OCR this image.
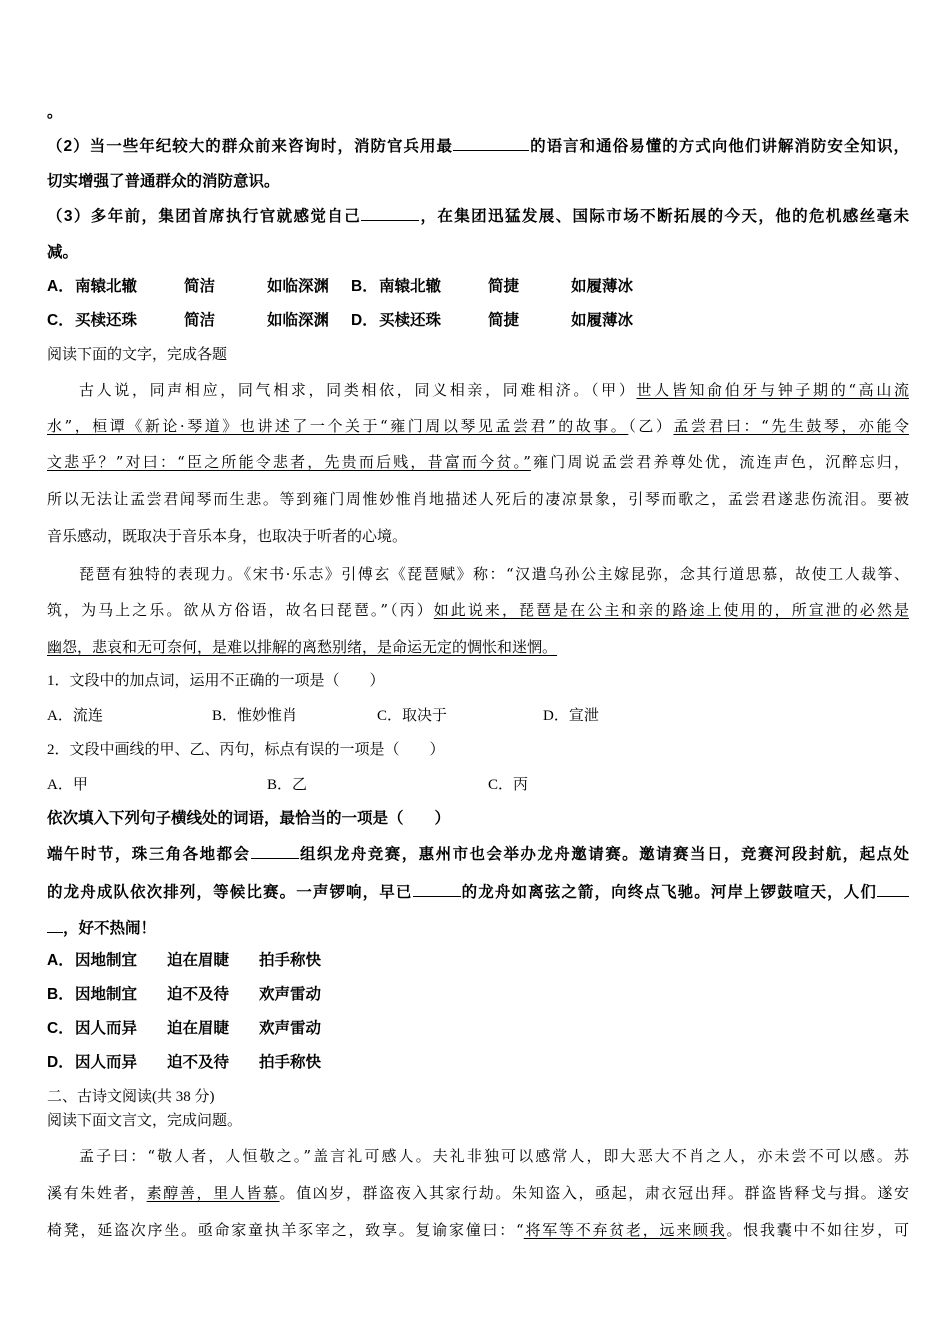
。
（2）当一些年纪较大的群众前来咨询时，消防官兵用最	的语言和通俗易懂的方式向他们讲解消防安全知识，
切实增强了普通群众的消防意识。
（3）多年前，集团首席执行官就感觉自己	，在集团迅猛发展、国际市场不断拓展的今天，他的危机感丝毫未
减。
A．南辕北辙	简洁	如临深渊 B．南辕北辙	简捷	如履薄冰
C．买椟还珠	简洁	如临深渊 D．买椟还珠	简捷	如履薄冰
阅读下面的文字，完成各题
古人说，同声相应，同气相求，同类相依，同义相亲，同难相济。（甲）世人皆知俞伯牙与钟子期的“高山流
水”，桓谭《新论·琴道》也讲述了一个关于“雍门周以琴见孟尝君”的故事。（乙）孟尝君曰：“先生鼓琴，亦能令
文悲乎？”对曰：“臣之所能令悲者，先贵而后贱，昔富而今贫。”雍门周说孟尝君养尊处优，流连声色，沉醉忘归，
所以无法让孟尝君闻琴而生悲。等到雍门周惟妙惟肖地描述人死后的凄凉景象，引琴而歌之，孟尝君遂悲伤流泪。要被
音乐感动，既取决于音乐本身，也取决于听者的心境。
琵琶有独特的表现力。《宋书·乐志》引傅玄《琵琶赋》称：“汉遣乌孙公主嫁昆弥，念其行道思慕，故使工人裁筝、
筑，为马上之乐。欲从方俗语，故名曰琵琶。”（丙）如此说来，琵琶是在公主和亲的路途上使用的，所宣泄的必然是
幽怨，悲哀和无可奈何，是难以排解的离愁别绪，是命运无定的惆怅和迷惘。
1．文段中的加点词，运用不正确的一项是（　　）
A．流连	B．惟妙惟肖	C．取决于	D．宣泄
2．文段中画线的甲、乙、丙句，标点有误的一项是（　　）
A．甲	B．乙	C．丙
依次填入下列句子横线处的词语，最恰当的一项是（　　）
端午时节，珠三角各地都会	组织龙舟竞赛，惠州市也会举办龙舟邀请赛。邀请赛当日，竞赛河段封航，起点处
的龙舟成队依次排列，等候比赛。一声锣响，早已	的龙舟如离弦之箭，向终点飞驰。河岸上锣鼓喧天，人们
，好不热闹！
A．因地制宜 迫在眉睫 拍手称快
B．因地制宜 迫不及待 欢声雷动
C．因人而异 迫在眉睫 欢声雷动
D．因人而异 迫不及待 拍手称快
二、古诗文阅读(共 38 分)
阅读下面文言文，完成问题。
孟子曰：“敬人者，人恒敬之。”盖言礼可感人。夫礼非独可以感常人，即大恶大不肖之人，亦未尝不可以感。苏
溪有朱姓者，素醇善，里人皆慕。值凶岁，群盗夜入其家行劫。朱知盗入，亟起，肃衣冠出拜。群盗皆释戈与揖。遂安
椅凳，延盗次序坐。亟命家童执羊豕宰之，致享。复谕家僮曰：“将军等不弃贫老，远来顾我。恨我囊中不如往岁，可
